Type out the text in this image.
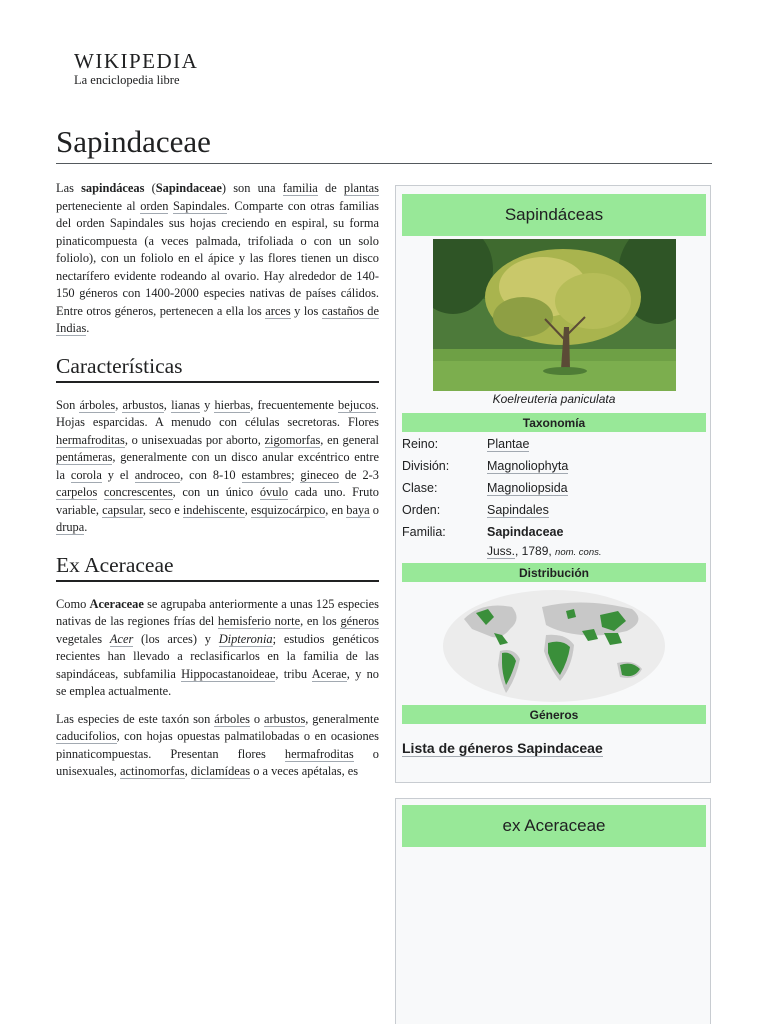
WIKIPEDIA
La enciclopedia libre
Sapindaceae

Las sapindáceas (Sapindaceae) son una familia de plantas perteneciente al orden Sapindales. Comparte con otras familias del orden Sapindales sus hojas creciendo en espiral, su forma pinaticompuesta (a veces palmada, trifoliada o con un solo foliolo), con un foliolo en el ápice y las flores tienen un disco nectarífero evidente rodeando al ovario. Hay alrededor de 140-150 géneros con 1400-2000 especies nativas de países cálidos. Entre otros géneros, pertenecen a ella los arces y los castaños de Indias.

Características

Son árboles, arbustos, lianas y hierbas, frecuentemente bejucos. Hojas esparcidas. A menudo con células secretoras. Flores hermafroditas, o unisexuadas por aborto, zigomorfas, en general pentámeras, generalmente con un disco anular excéntrico entre la corola y el androceo, con 8-10 estambres; gineceo de 2-3 carpelos concrescentes, con un único óvulo cada uno. Fruto variable, capsular, seco e indehiscente, esquizocárpico, en baya o drupa.

Ex Aceraceae

Como Aceraceae se agrupaba anteriormente a unas 125 especies nativas de las regiones frías del hemisferio norte, en los géneros vegetales Acer (los arces) y Dipteronia; estudios genéticos recientes han llevado a reclasificarlos en la familia de las sapindáceas, subfamilia Hippocastanoideae, tribu Acerae, y no se emplea actualmente.

Las especies de este taxón son árboles o arbustos, generalmente caducifolios, con hojas opuestas palmatilobadas o en ocasiones pinnaticompuestas. Presentan flores hermafroditas o unisexuales, actinomorfas, diclamídeas o a veces apétalas, es

Sapindáceas
Koelreuteria paniculata
Taxonomía
Reino:	Plantae
División:	Magnoliophyta
Clase:	Magnoliopsida
Orden:	Sapindales
Familia:	Sapindaceae
Juss., 1789, nom. cons.
Distribución
Géneros
Lista de géneros Sapindaceae
ex Aceraceae
